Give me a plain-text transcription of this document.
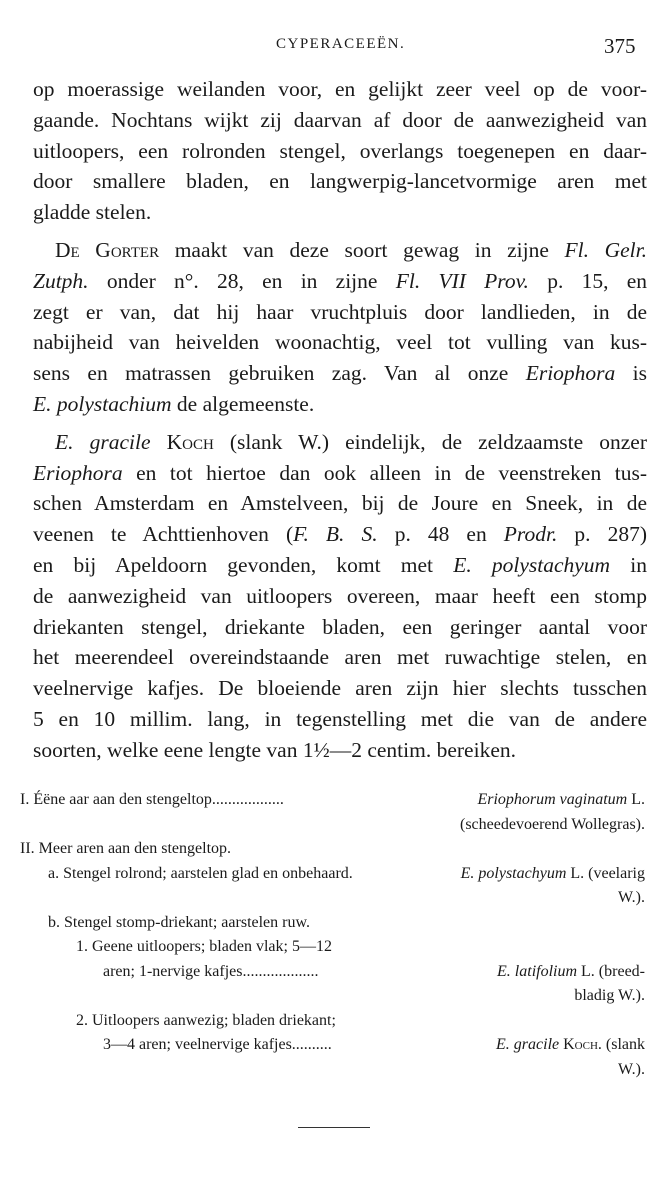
CYPERACEEËN.	375
op moerassige weilanden voor, en gelijkt zeer veel op de voor-
gaande. Nochtans wijkt zij daarvan af door de aanwezigheid van
uitloopers, een rolronden stengel, overlangs toegenepen en daar-
door smallere bladen, en langwerpig-lancetvormige aren met
gladde stelen.
De Gorter maakt van deze soort gewag in zijne Fl. Gelr.
Zutph. onder n°. 28, en in zijne Fl. VII Prov. p. 15, en
zegt er van, dat hij haar vruchtpluis door landlieden, in de
nabijheid van heivelden woonachtig, veel tot vulling van kus-
sens en matrassen gebruiken zag. Van al onze Eriophora is
E. polystachium de algemeenste.
E. gracile Koch (slank W.) eindelijk, de zeldzaamste onzer
Eriophora en tot hiertoe dan ook alleen in de veenstreken tus-
schen Amsterdam en Amstelveen, bij de Joure en Sneek, in de
veenen te Achttienhoven (F. B. S. p. 48 en Prodr. p. 287)
en bij Apeldoorn gevonden, komt met E. polystachyum in
de aanwezigheid van uitloopers overeen, maar heeft een stomp
driekanten stengel, driekante bladen, een geringer aantal voor
het meerendeel overeindstaande aren met ruwachtige stelen, en
veelnervige kafjes. De bloeiende aren zijn hier slechts tusschen
5 en 10 millim. lang, in tegenstelling met die van de andere
soorten, welke eene lengte van 1½—2 centim. bereiken.
I. Éëne aar aan den stengeltop..................	Eriophorum vaginatum L.
(scheedevoerend Wollegras).
II. Meer aren aan den stengeltop.
a. Stengel rolrond; aarstelen glad en onbehaard.	E. polystachyum L. (veelarig
W.).
b. Stengel stomp-driekant; aarstelen ruw.
1. Geene uitloopers; bladen vlak; 5—12
aren; 1-nervige kafjes...................	E. latifolium L. (breed-
bladig W.).
2. Uitloopers aanwezig; bladen driekant;
3—4 aren; veelnervige kafjes..........	E. gracile Koch. (slank
W.).
